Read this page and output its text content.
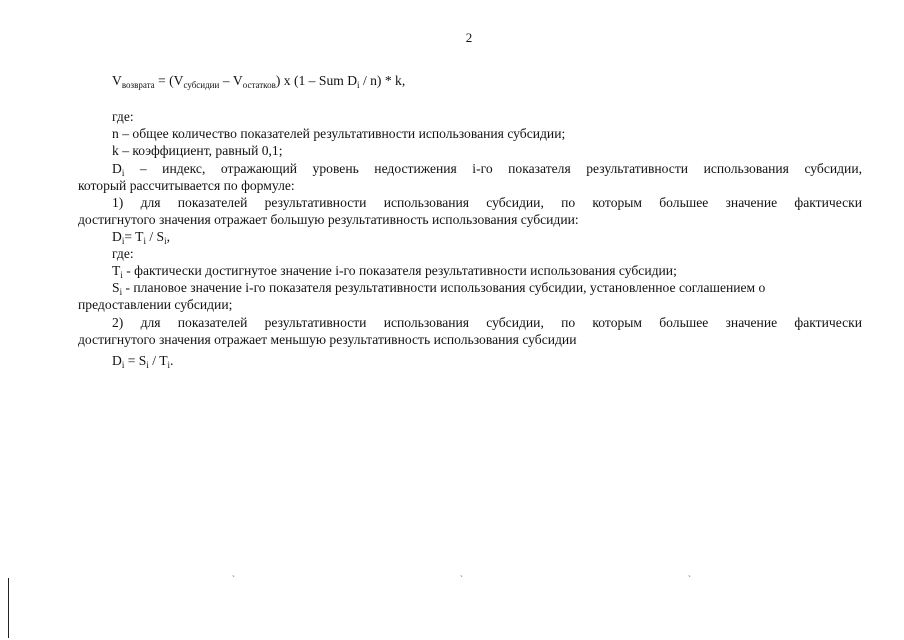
2
$V_{возврата} = (V_{субсидии} - V_{остатков})$ x (1 – Sum $D_i / n$) * k,
где:
n – общее количество показателей результативности использования субсидии;
k – коэффициент, равный 0,1;
$D_i$ – индекс, отражающий уровень недостижения i-го показателя результативности использования субсидии,
который рассчитывается по формуле:
1) для показателей результативности использования субсидии, по которым большее значение фактически
достигнутого значения отражает большую результативность использования субсидии:
$D_i= T_i / S_i$,
где:
$T_i$ - фактически достигнутое значение i-го показателя результативности использования субсидии;
$S_i$ - плановое значение i-го показателя результативности использования субсидии, установленное соглашением о
предоставлении субсидии;
2) для показателей результативности использования субсидии, по которым большее значение фактически
достигнутого значения отражает меньшую результативность использования субсидии
$D_i = S_i / T_i$.
`	`	`
